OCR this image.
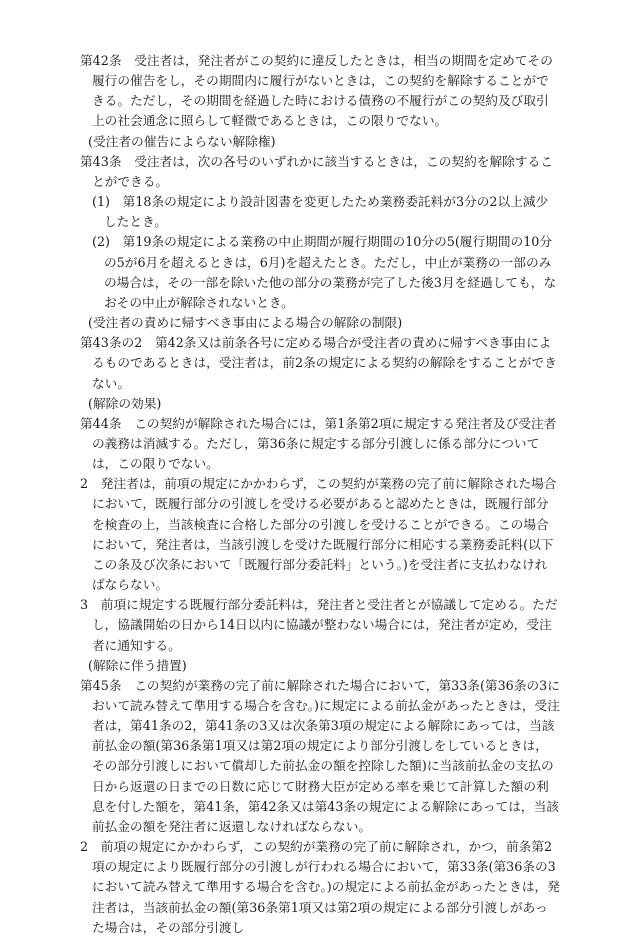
第42条　受注者は，発注者がこの契約に違反したときは，相当の期間を定めてその履行の催告をし，その期間内に履行がないときは，この契約を解除することができる。ただし，その期間を経過した時における債務の不履行がこの契約及び取引上の社会通念に照らして軽微であるときは，この限りでない。

(受注者の催告によらない解除権)

第43条　受注者は，次の各号のいずれかに該当するときは，この契約を解除することができる。

(1)　第18条の規定により設計図書を変更したため業務委託料が3分の2以上減少したとき。

(2)　第19条の規定による業務の中止期間が履行期間の10分の5(履行期間の10分の5が6月を超えるときは，6月)を超えたとき。ただし，中止が業務の一部のみの場合は，その一部を除いた他の部分の業務が完了した後3月を経過しても，なおその中止が解除されないとき。

(受注者の責めに帰すべき事由による場合の解除の制限)

第43条の2　第42条又は前条各号に定める場合が受注者の責めに帰すべき事由によるものであるときは，受注者は，前2条の規定による契約の解除をすることができない。

(解除の効果)

第44条　この契約が解除された場合には，第1条第2項に規定する発注者及び受注者の義務は消滅する。ただし，第36条に規定する部分引渡しに係る部分については，この限りでない。

2　発注者は，前項の規定にかかわらず，この契約が業務の完了前に解除された場合において，既履行部分の引渡しを受ける必要があると認めたときは，既履行部分を検査の上，当該検査に合格した部分の引渡しを受けることができる。この場合において，発注者は，当該引渡しを受けた既履行部分に相応する業務委託料(以下この条及び次条において「既履行部分委託料」という。)を受注者に支払わなければならない。

3　前項に規定する既履行部分委託料は，発注者と受注者とが協議して定める。ただし，協議開始の日から14日以内に協議が整わない場合には，発注者が定め，受注者に通知する。

(解除に伴う措置)

第45条　この契約が業務の完了前に解除された場合において，第33条(第36条の3において読み替えて準用する場合を含む。)に規定による前払金があったときは，受注者は，第41条の2，第41条の3又は次条第3項の規定による解除にあっては，当該前払金の額(第36条第1項又は第2項の規定により部分引渡しをしているときは，その部分引渡しにおいて償却した前払金の額を控除した額)に当該前払金の支払の日から返還の日までの日数に応じて財務大臣が定める率を乗じて計算した額の利息を付した額を，第41条，第42条又は第43条の規定による解除にあっては，当該前払金の額を発注者に返還しなければならない。

2　前項の規定にかかわらず，この契約が業務の完了前に解除され，かつ，前条第2項の規定により既履行部分の引渡しが行われる場合において，第33条(第36条の3において読み替えて準用する場合を含む。)の規定による前払金があったときは，発注者は，当該前払金の額(第36条第1項又は第2項の規定による部分引渡しがあった場合は，その部分引渡し
